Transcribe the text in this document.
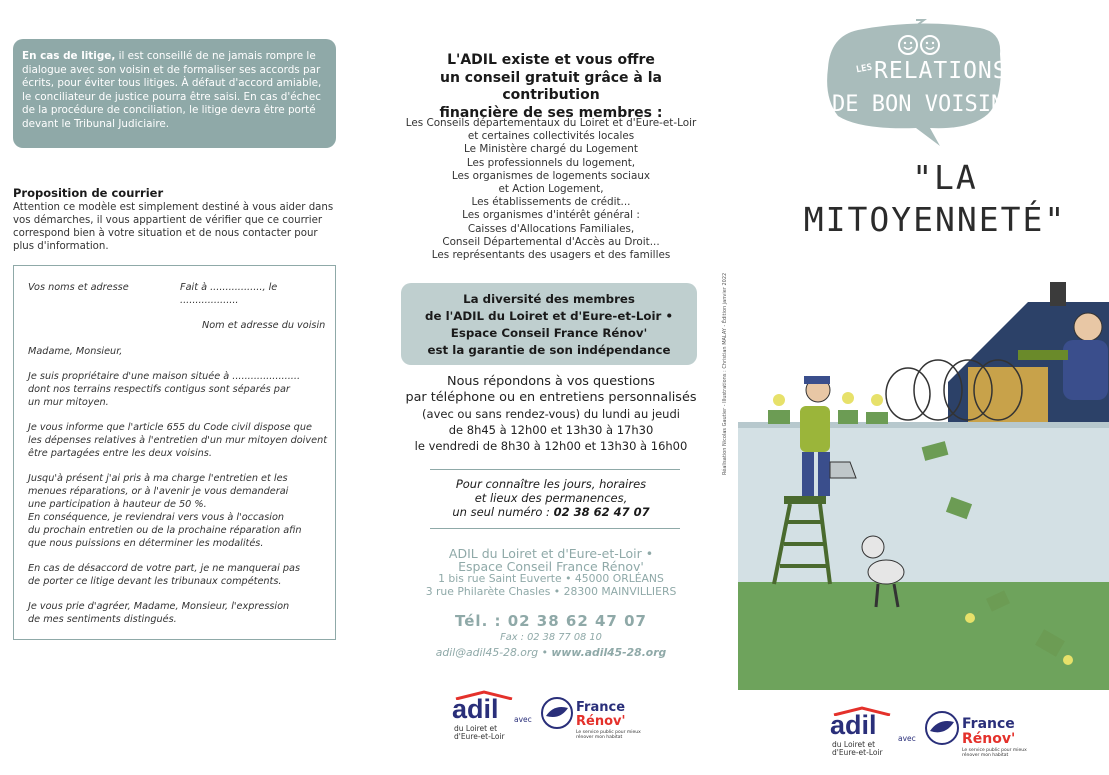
En cas de litige, il est conseillé de ne jamais rompre le dialogue avec son voisin et de formaliser ses accords par écrits, pour éviter tous litiges. À défaut d'accord amiable, le conciliateur de justice pourra être saisi. En cas d'échec de la procédure de conciliation, le litige devra être porté devant le Tribunal Judiciaire.
Proposition de courrier
Attention ce modèle est simplement destiné à vous aider dans vos démarches, il vous appartient de vérifier que ce courrier correspond bien à votre situation et de nous contacter pour plus d'information.

Vos noms et adresse	Fait à ................., le ...................

Nom et adresse du voisin

Madame, Monsieur,

Je suis propriétaire d'une maison située à ......................

dont nos terrains respectifs contigus sont séparés par

un mur mitoyen.

Je vous informe que l'article 655 du Code civil dispose que

les dépenses relatives à l'entretien d'un mur mitoyen doivent

être partagées entre les deux voisins.

Jusqu'à présent j'ai pris à ma charge l'entretien et les

menues réparations, or à l'avenir je vous demanderai

une participation à hauteur de 50 %.

En conséquence, je reviendrai vers vous à l'occasion

du prochain entretien ou de la prochaine réparation afin

que nous puissions en déterminer les modalités.

En cas de désaccord de votre part, je ne manquerai pas

de porter ce litige devant les tribunaux compétents.

Je vous prie d'agréer, Madame, Monsieur, l'expression

de mes sentiments distingués.

L'ADIL existe et vous offre
un conseil gratuit grâce à la contribution
financière de ses membres :
Les Conseils départementaux du Loiret et d'Eure-et-Loir
et certaines collectivités locales
Le Ministère chargé du Logement
Les professionnels du logement,
Les organismes de logements sociaux
et Action Logement,
Les établissements de crédit...
Les organismes d'intérêt général :
Caisses d'Allocations Familiales,
Conseil Départemental d'Accès au Droit...
Les représentants des usagers et des familles
La diversité des membres
de l'ADIL du Loiret et d'Eure-et-Loir •
Espace Conseil France Rénov'
est la garantie de son indépendance
Nous répondons à vos questions
par téléphone ou en entretiens personnalisés
(avec ou sans rendez-vous) du lundi au jeudi
de 8h45 à 12h00 et 13h30 à 17h30
le vendredi de 8h30 à 12h00 et 13h30 à 16h00
Pour connaître les jours, horaires
et lieux des permanences,
un seul numéro : 02 38 62 47 07
ADIL du Loiret et d'Eure-et-Loir •
Espace Conseil France Rénov'
1 bis rue Saint Euverte • 45000 ORLÉANS
3 rue Philarète Chasles • 28300 MAINVILLIERS
Tél. : 02 38 62 47 07
Fax : 02 38 77 08 10
adil@adil45-28.org • www.adil45-28.org
adil
du Loiret et
d'Eure-et-Loir
avec
France
Rénov'
Le service public pour mieux
rénover mon habitat
Réalisation Nicolas Gautier - Illustrations : Christian MALAY - Édition janvier 2022
LES RELATIONS
DE BON VOISINAGE
"LA
MITOYENNETÉ"
adil
du Loiret et
d'Eure-et-Loir
avec
France
Rénov'
Le service public pour mieux
rénover mon habitat
